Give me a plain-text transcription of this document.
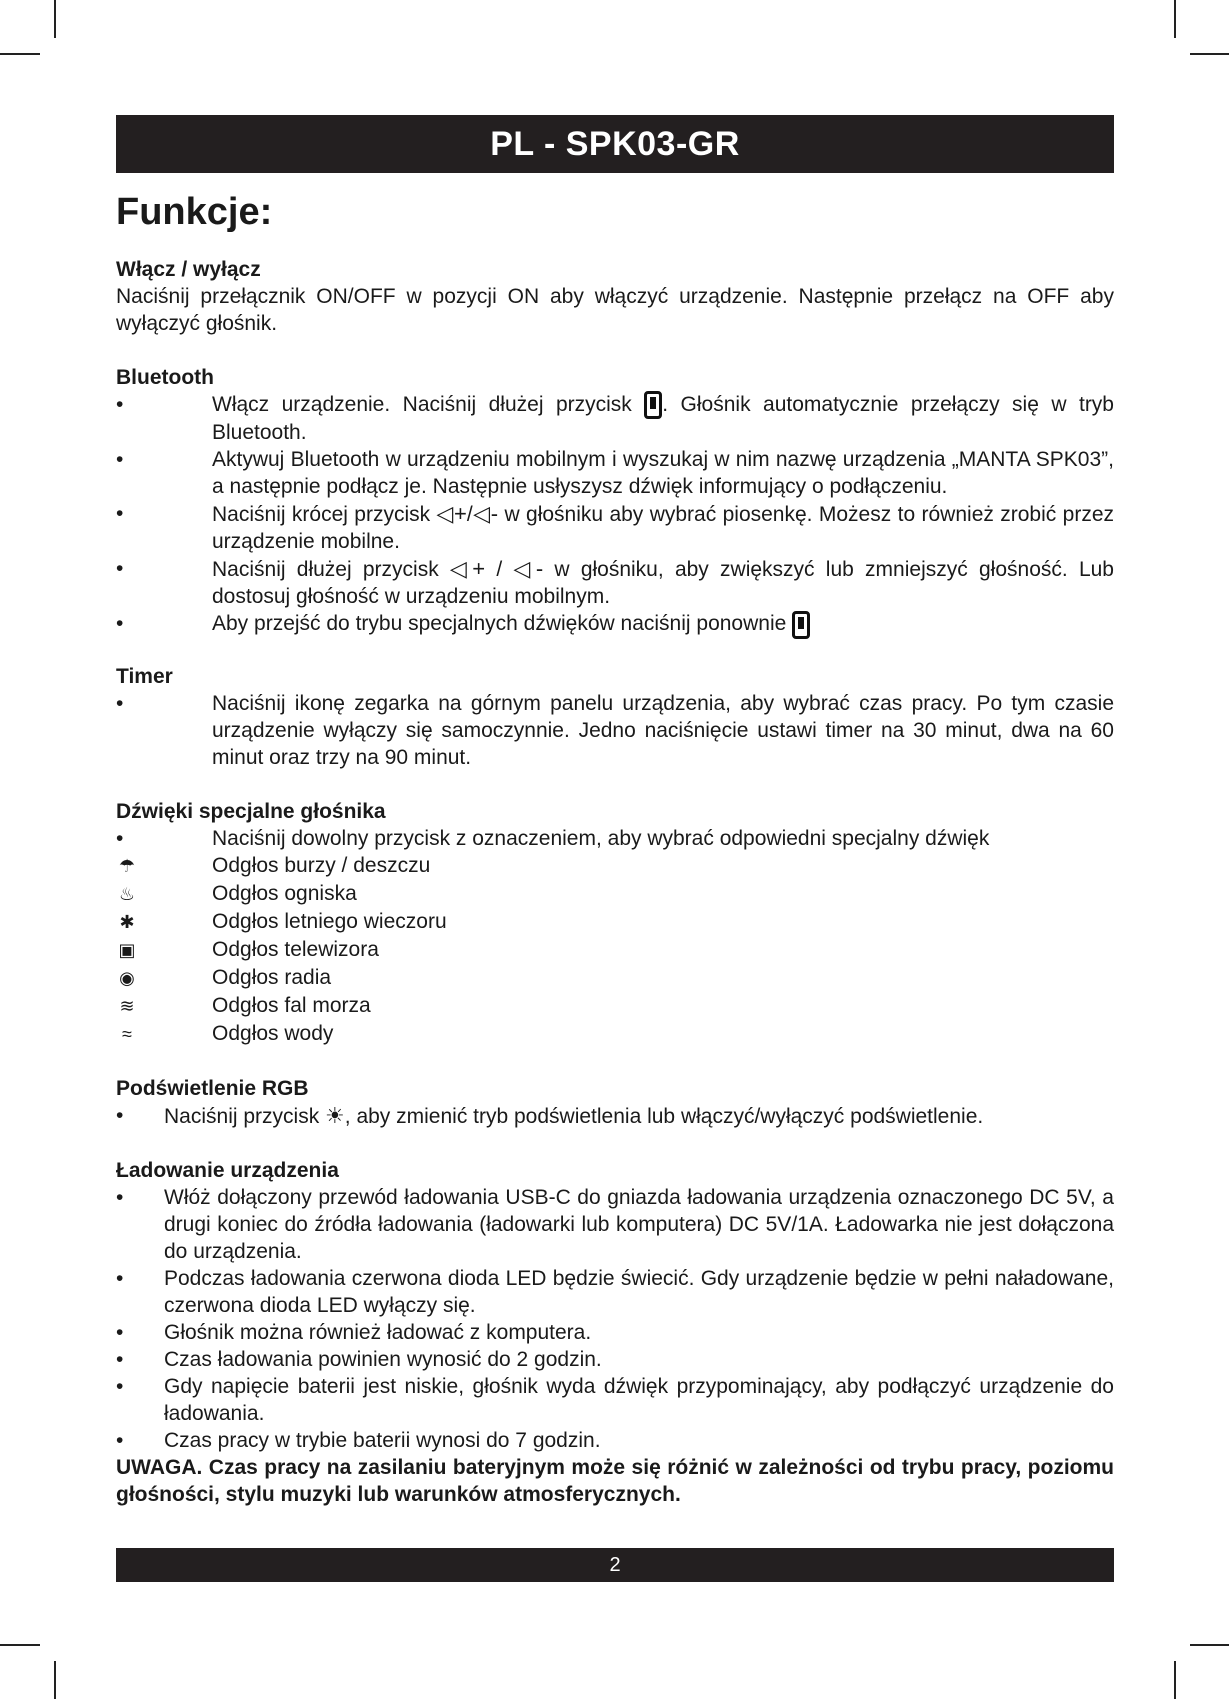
PL - SPK03-GR
Funkcje:
Włącz / wyłącz
Naciśnij przełącznik ON/OFF w pozycji ON aby włączyć urządzenie. Następnie przełącz na OFF aby wyłączyć głośnik.
Bluetooth
•	Włącz urządzenie. Naciśnij dłużej przycisk . Głośnik automatycznie przełączy się w tryb Bluetooth.
•	Aktywuj Bluetooth w urządzeniu mobilnym i wyszukaj w nim nazwę urządzenia „MANTA SPK03”, a następnie podłącz je. Następnie usłyszysz dźwięk informujący o podłączeniu.
•	Naciśnij krócej przycisk ◁+/◁- w głośniku aby wybrać piosenkę. Możesz to również zrobić przez urządzenie mobilne.
•	Naciśnij dłużej przycisk ◁+ / ◁- w głośniku, aby zwiększyć lub zmniejszyć głośność. Lub dostosuj głośność w urządzeniu mobilnym.
•	Aby przejść do trybu specjalnych dźwięków naciśnij ponownie
Timer
•	Naciśnij ikonę zegarka na górnym panelu urządzenia, aby wybrać czas pracy. Po tym czasie urządzenie wyłączy się samoczynnie. Jedno naciśnięcie ustawi timer na 30 minut, dwa na 60 minut oraz trzy na 90 minut.
Dźwięki specjalne głośnika
•	Naciśnij dowolny przycisk z oznaczeniem, aby wybrać odpowiedni specjalny dźwięk
☂	Odgłos burzy / deszczu
♨	Odgłos ogniska
✱	Odgłos letniego wieczoru
▣	Odgłos telewizora
◉	Odgłos radia
≋	Odgłos fal morza
≈	Odgłos wody
Podświetlenie RGB
•	Naciśnij przycisk ☀, aby zmienić tryb podświetlenia lub włączyć/wyłączyć podświetlenie.
Ładowanie urządzenia
•	Włóż dołączony przewód ładowania USB-C do gniazda ładowania urządzenia oznaczonego DC 5V, a drugi koniec do źródła ładowania (ładowarki lub komputera) DC 5V/1A. Ładowarka nie jest dołączona do urządzenia.
•	Podczas ładowania czerwona dioda LED będzie świecić. Gdy urządzenie będzie w pełni naładowane, czerwona dioda LED wyłączy się.
•	Głośnik można również ładować z komputera.
•	Czas ładowania powinien wynosić do 2 godzin.
•	Gdy napięcie baterii jest niskie, głośnik wyda dźwięk przypominający, aby podłączyć urządzenie do ładowania.
•	Czas pracy w trybie baterii wynosi do 7 godzin.
UWAGA. Czas pracy na zasilaniu bateryjnym może się różnić w zależności od trybu pracy, poziomu głośności, stylu muzyki lub warunków atmosferycznych.
2
